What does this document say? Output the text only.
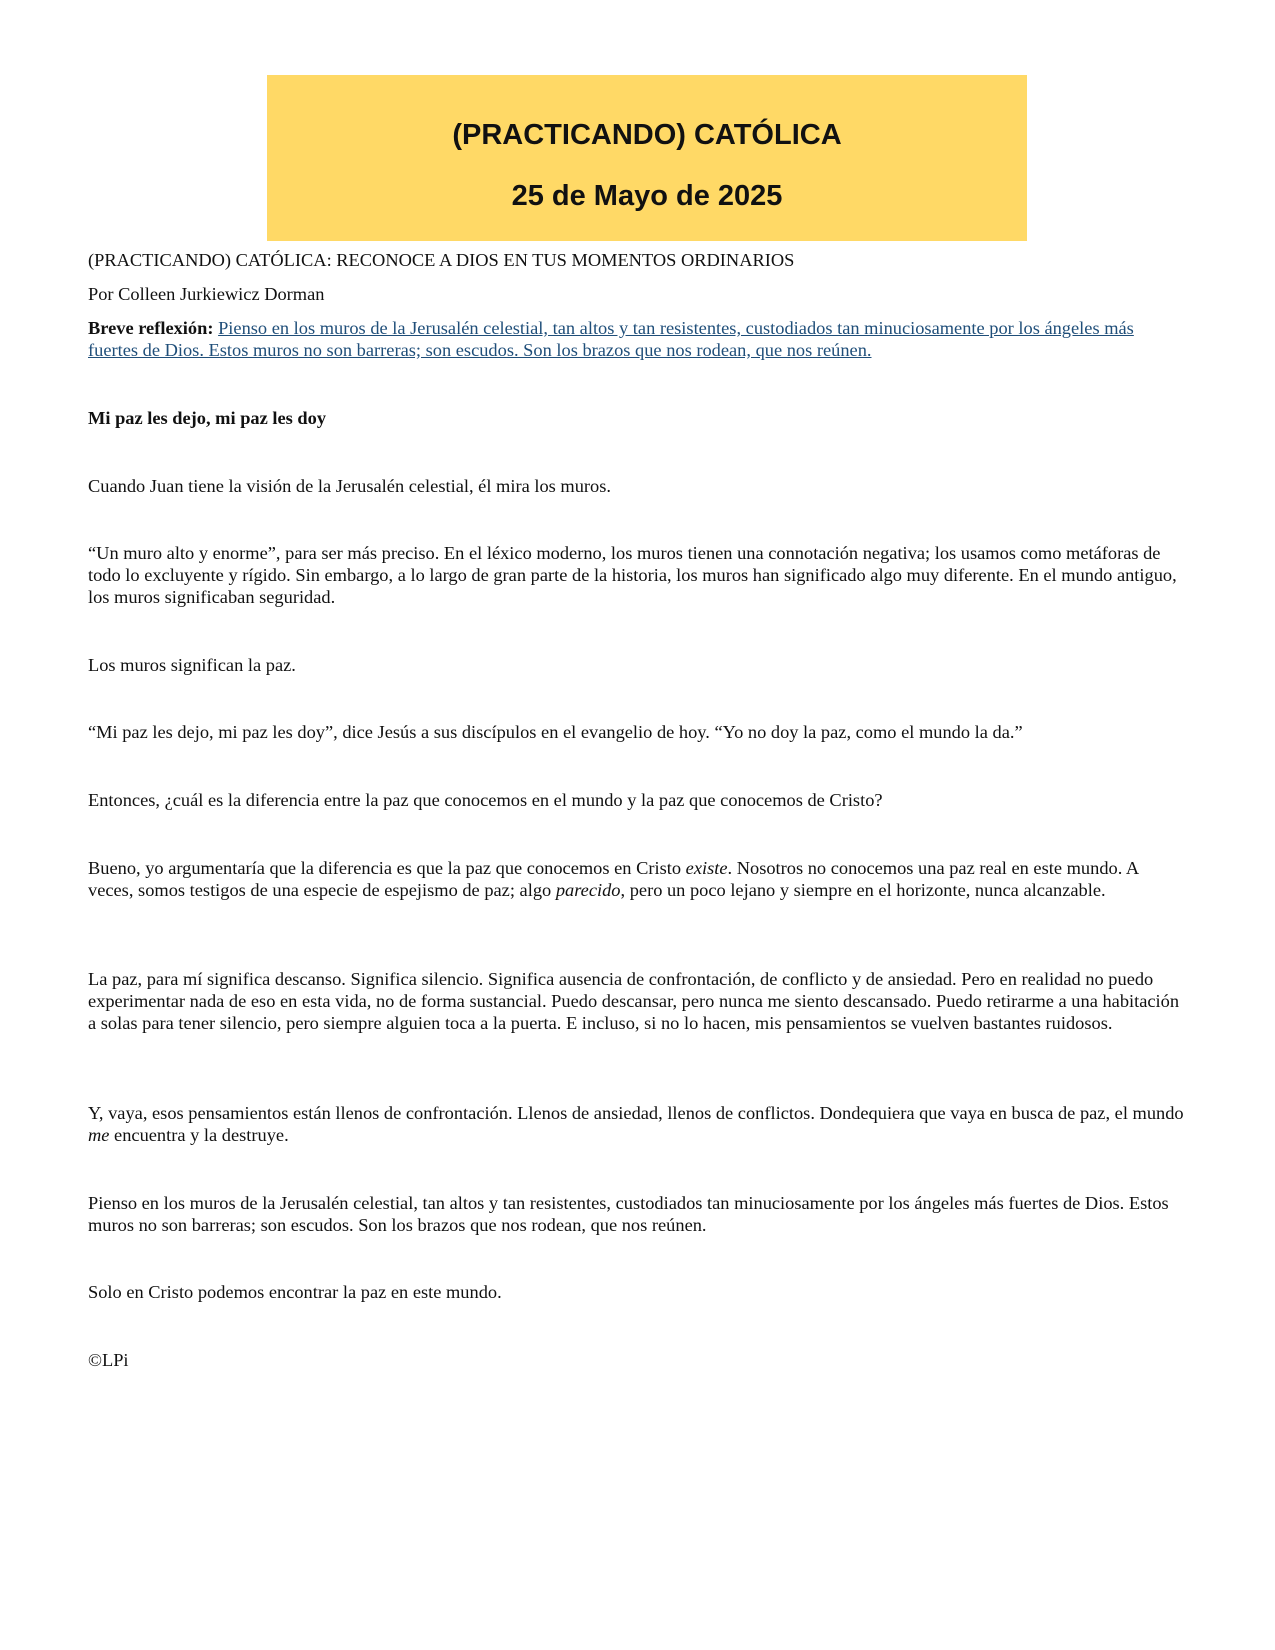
(PRACTICANDO) CATÓLICA
25 de Mayo de 2025

(PRACTICANDO) CATÓLICA: RECONOCE A DIOS EN TUS MOMENTOS ORDINARIOS

Por Colleen Jurkiewicz Dorman

Breve reflexión: Pienso en los muros de la Jerusalén celestial, tan altos y tan resistentes, custodiados tan minuciosamente por los ángeles más fuertes de Dios. Estos muros no son barreras; son escudos. Son los brazos que nos rodean, que nos reúnen.

Mi paz les dejo, mi paz les doy

Cuando Juan tiene la visión de la Jerusalén celestial, él mira los muros.

“Un muro alto y enorme”, para ser más preciso. En el léxico moderno, los muros tienen una connotación negativa; los usamos como metáforas de todo lo excluyente y rígido. Sin embargo, a lo largo de gran parte de la historia, los muros han significado algo muy diferente. En el mundo antiguo, los muros significaban seguridad.

Los muros significan la paz.

“Mi paz les dejo, mi paz les doy”, dice Jesús a sus discípulos en el evangelio de hoy. “Yo no doy la paz, como el mundo la da.”

Entonces, ¿cuál es la diferencia entre la paz que conocemos en el mundo y la paz que conocemos de Cristo?

Bueno, yo argumentaría que la diferencia es que la paz que conocemos en Cristo existe. Nosotros no conocemos una paz real en este mundo. A veces, somos testigos de una especie de espejismo de paz; algo parecido, pero un poco lejano y siempre en el horizonte, nunca alcanzable.

La paz, para mí significa descanso. Significa silencio. Significa ausencia de confrontación, de conflicto y de ansiedad. Pero en realidad no puedo experimentar nada de eso en esta vida, no de forma sustancial. Puedo descansar, pero nunca me siento descansado. Puedo retirarme a una habitación a solas para tener silencio, pero siempre alguien toca a la puerta. E incluso, si no lo hacen, mis pensamientos se vuelven bastantes ruidosos.

Y, vaya, esos pensamientos están llenos de confrontación. Llenos de ansiedad, llenos de conflictos. Dondequiera que vaya en busca de paz, el mundo me encuentra y la destruye.

Pienso en los muros de la Jerusalén celestial, tan altos y tan resistentes, custodiados tan minuciosamente por los ángeles más fuertes de Dios. Estos muros no son barreras; son escudos. Son los brazos que nos rodean, que nos reúnen.

Solo en Cristo podemos encontrar la paz en este mundo.

©LPi
